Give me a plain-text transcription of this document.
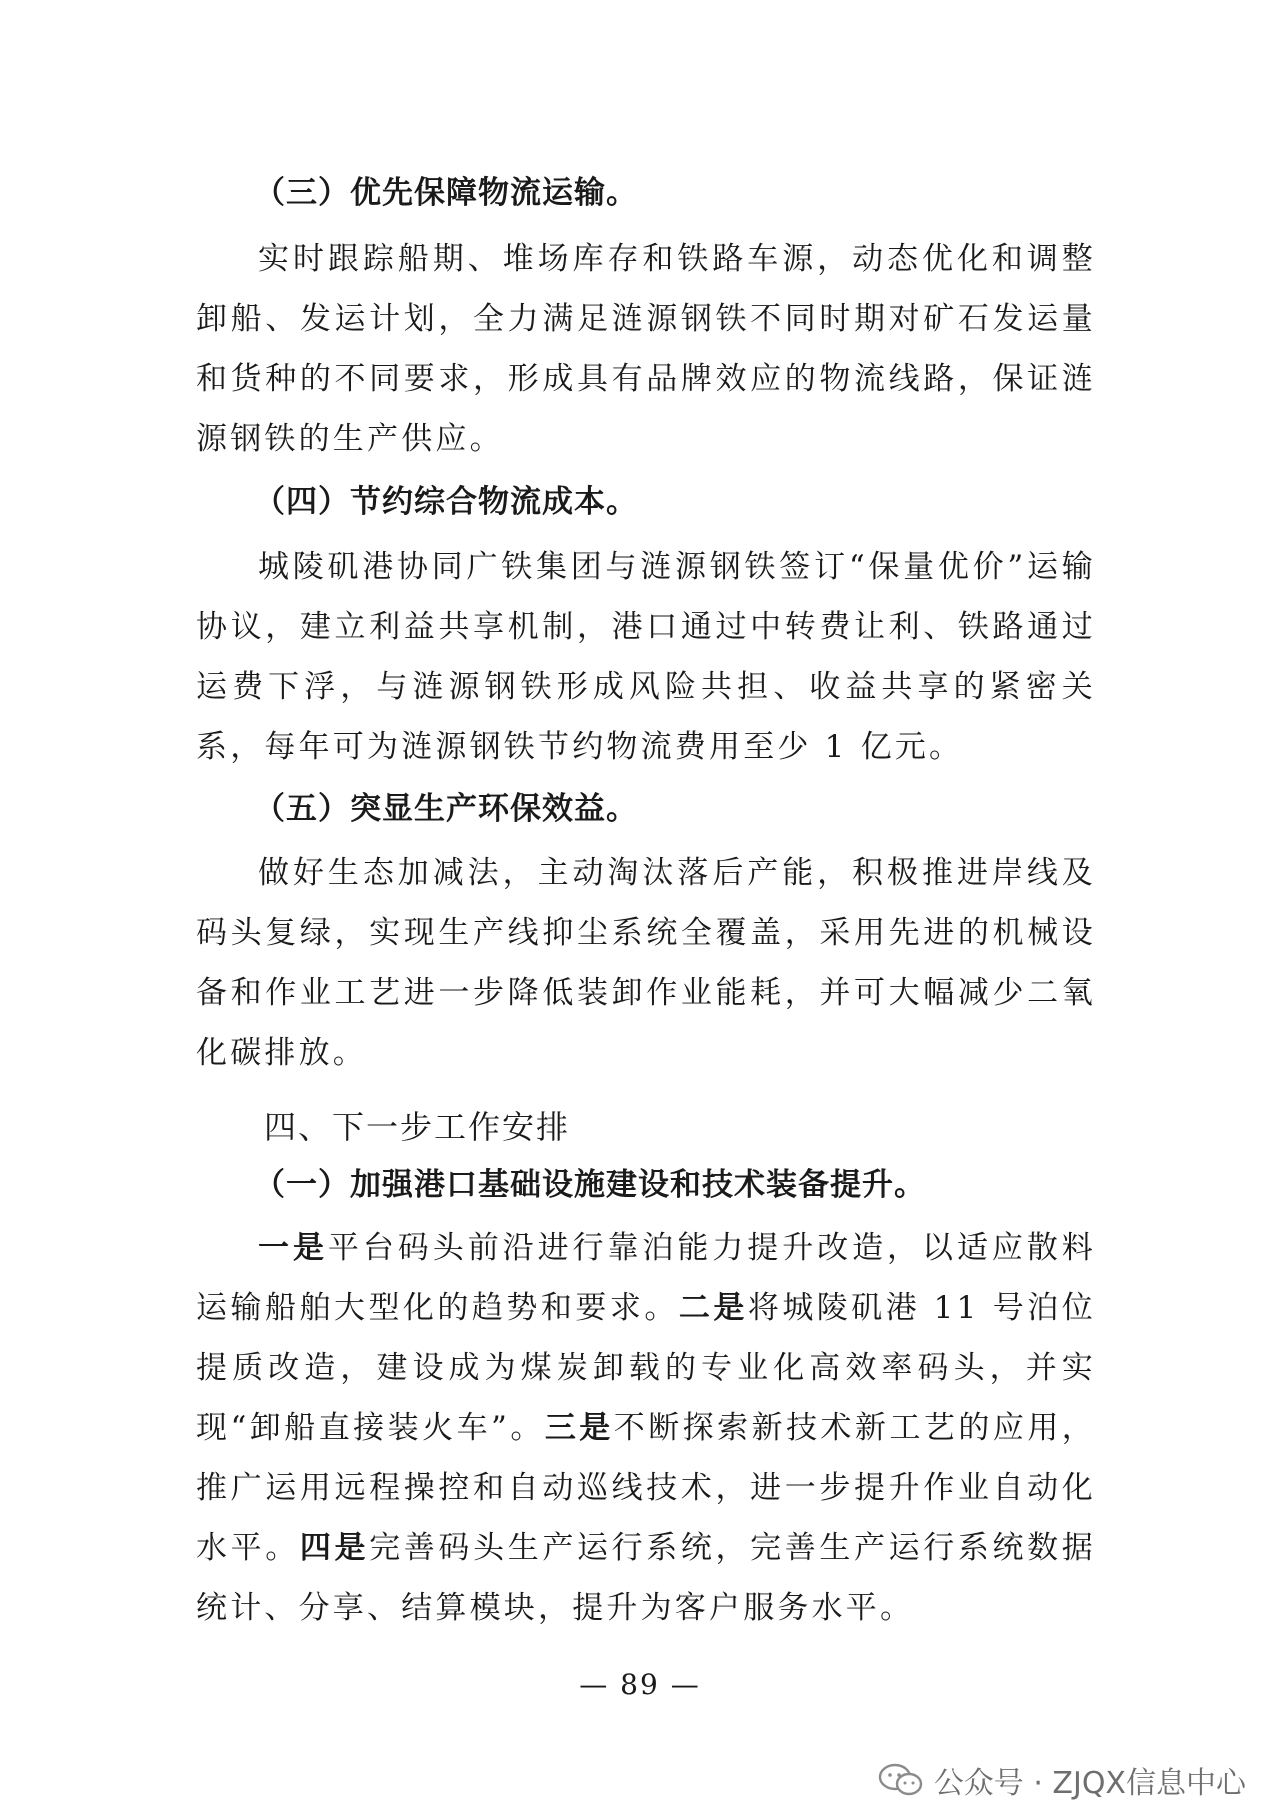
（三）优先保障物流运输。

实时跟踪船期、堆场库存和铁路车源，动态优化和调整卸船、发运计划，全力满足涟源钢铁不同时期对矿石发运量和货种的不同要求，形成具有品牌效应的物流线路，保证涟源钢铁的生产供应。

（四）节约综合物流成本。

城陵矶港协同广铁集团与涟源钢铁签订“保量优价”运输协议，建立利益共享机制，港口通过中转费让利、铁路通过运费下浮，与涟源钢铁形成风险共担、收益共享的紧密关系，每年可为涟源钢铁节约物流费用至少 1 亿元。

（五）突显生产环保效益。

做好生态加减法，主动淘汰落后产能，积极推进岸线及码头复绿，实现生产线抑尘系统全覆盖，采用先进的机械设备和作业工艺进一步降低装卸作业能耗，并可大幅减少二氧化碳排放。

四、下一步工作安排

（一）加强港口基础设施建设和技术装备提升。

一是平台码头前沿进行靠泊能力提升改造，以适应散料运输船舶大型化的趋势和要求。二是将城陵矶港 11 号泊位提质改造，建设成为煤炭卸载的专业化高效率码头，并实现“卸船直接装火车”。三是不断探索新技术新工艺的应用，推广运用远程操控和自动巡线技术，进一步提升作业自动化水平。四是完善码头生产运行系统，完善生产运行系统数据统计、分享、结算模块，提升为客户服务水平。

— 89 —
公众号 · ZJQX信息中心
